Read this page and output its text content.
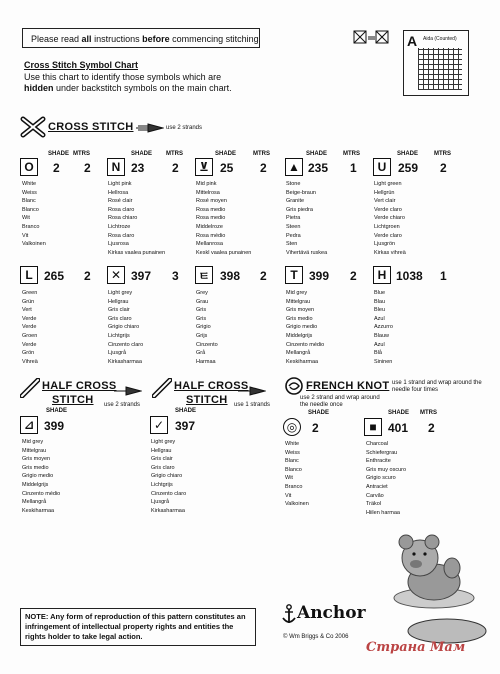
Please read all instructions before commencing stitching	A Aida (Counted)
Cross Stitch Symbol Chart
Use this chart to identify those symbols which are
hidden under backstitch symbols on the main chart.
CROSS STITCH	use 2 strands
SHADE MTRS	SHADE MTRS	SHADE	MTRS	SHADE	MTRS	SHADE	MTRS
O	2 2
White
Weiss
Blanc
Blanco
Wit
Branco
Vit
Valkoinen
N 23 2
Light pink
Hellrosa
Rosé clair
Rosa claro
Rosa chiaro
Lichtroze
Rosa claro
Ljusrosa
Kirkas vaalea punainen
⊻ 25 2
Mid pink
Mittelrosa
Rosé moyen
Rosa medio
Rosa medio
Middelroze
Rosa médio
Mellanrosa
Keskl vaalea punainen
▲ 235 1
Stone
Beige-braun
Granite
Gris piedra
Pietra
Steen
Pedra
Sten
Vihertävä ruskea
U 259 2
Light green
Hellgrün
Vert clair
Verde claro
Verde chiaro
Lichtgroen
Verde claro
Ljusgrön
Kirkas vihreä
L 265 2
Green
Grün
Vert
Verde
Verde
Groen
Verde
Grön
Vihreä
✕ 397 3
Light grey
Hellgrau
Gris clair
Gris claro
Grigio chiaro
Lichtgrijs
Cinzento claro
Ljusgrå
Kirkasharmaa
ㅌ 398 2
Grey
Grau
Gris
Gris
Grigio
Grijs
Cinzento
Grå
Harmaa
T 399 2
Mid grey
Mittelgrau
Gris moyen
Gris medio
Grigio medio
Middelgrijs
Cinzento médio
Mellangrå
Keskiharmaa
H 1038 1
Blue
Blau
Bleu
Azul
Azzurro
Blauw
Azul
Blå
Sininen
HALF CROSS
STITCH use 2 strands
SHADE
⊿ 399
Mid grey
Mittelgrau
Gris moyen
Gris medio
Grigio medio
Middelgrijs
Cinzento médio
Mellangrå
Keskiharmaa
HALF CROSS
STITCH use 1 strands
SHADE
✓ 397
Light grey
Hellgrau
Gris clair
Gris claro
Grigio chiaro
Lichtgrijs
Cinzento claro
Ljusgrå
Kirkasharmaa
FRENCH KNOT
use 2 strand and wrap around the needle once
use 1 strand and wrap around the needle four times
SHADE
◎	2
White
Weiss
Blanc
Blanco
Wit
Branco
Vit
Valkoinen
SHADE MTRS
■ 401 2
Charcoal
Schiefergrau
Enthracite
Gris muy oscuro
Grigio scuro
Antraciet
Carvão
Träkol
Hiilen harmaa
NOTE: Any form of reproduction of this pattern constitutes an infringement of intellectual property rights and entities the rights holder to take legal action.
Anchor
© Wm Briggs & Co 2006
Страна Мам
